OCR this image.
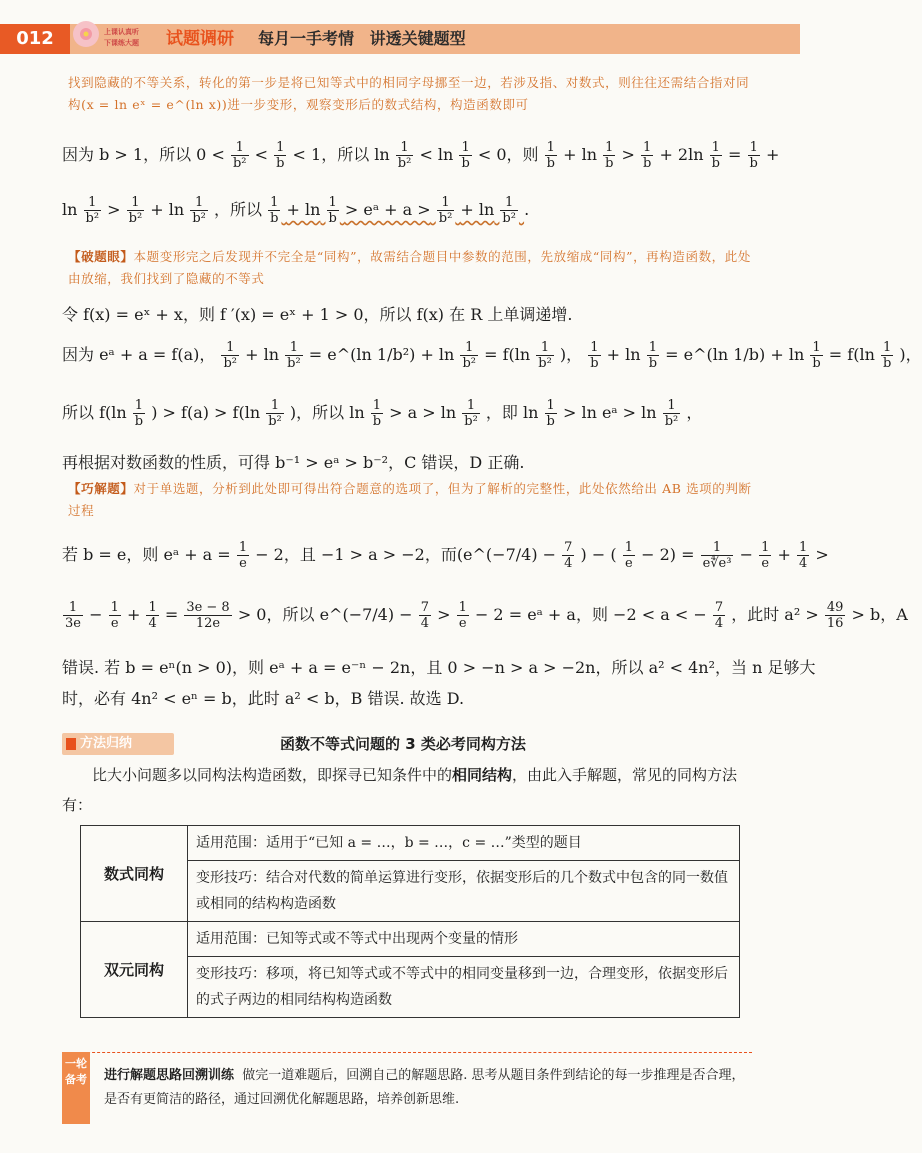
012	上课认真听
下课练大题	试题调研 每月一手考情 讲透关键题型
找到隐藏的不等关系，转化的第一步是将已知等式中的相同字母挪至一边，若涉及指、对数式，则往往还需结合指对同构(x = ln eˣ = e^(ln x))进一步变形，观察变形后的数式结构，构造函数即可
因为 b > 1，所以 $0 < \frac{1}{\text{b²}} < \frac{1}{b} < 1$，所以 $\ln \frac{1}{\text{b²}} < \ln \frac{1}{b} < 0$，则 $\frac{1}{b} + \ln \frac{1}{b} > \frac{1}{b} + 2\ln \frac{1}{b} = \frac{1}{b}$ +
$\ln \frac{1}{\text{b²}} > \frac{1}{\text{b²}} + \ln \frac{1}{\text{b²}}$ ，所以 $\frac{1}{b} + \ln \frac{1}{b}$ > eᵃ + $a > \frac{1}{\text{b²}} + \ln \frac{1}{\text{b²}}$ .
【破题眼】本题变形完之后发现并不完全是“同构”，故需结合题目中参数的范围，先放缩成“同构”，再构造函数，此处由放缩，我们找到了隐藏的不等式
令 f(x) = eˣ + x，则 f ′(x) = eˣ + 1 > 0，所以 f(x) 在 R 上单调递增.
因为 eᵃ + a = f(a)， $\frac{1}{\text{b²}} + \ln \frac{1}{\text{b²}}$ = e^(ln $1/b^2) + \ln \frac{1}{\text{b²}} = f(\ln \frac{1}{\text{b²}}$ )， $\frac{1}{b} + \ln \frac{1}{b}$ = e^(ln $1/b) + \ln \frac{1}{b} = f(\ln \frac{1}{b}$ )，
所以 $f(\ln \frac{1}{b}$ ) > $f(a) > f(\ln \frac{1}{\text{b²}}$ )，所以 $\ln \frac{1}{b} > a > \ln \frac{1}{\text{b²}}$ ，即 $\ln \frac{1}{b} > \ln$ eᵃ > $\ln \frac{1}{\text{b²}}$ ，
再根据对数函数的性质，可得 b⁻¹ > eᵃ > b⁻²，C 错误，D 正确.
【巧解题】对于单选题，分析到此处即可得出符合题意的选项了，但为了解析的完整性，此处依然给出 AB 选项的判断过程
若 b = e，则 eᵃ + $a = \frac{1}{e} - 2$，且 −1 > a > −2，而(e^(−7/4) − $\frac{7}{4}$ ) − ( $\frac{1}{e} - 2) = \frac{1}{\text{e∜e³}} - \frac{1}{e} + \frac{1}{4}$ >
$\frac{1}{3e} - \frac{1}{e} + \frac{1}{4} = \frac{3e - 8}{12e} > 0$，所以 e^(−7/4) − $\frac{7}{4} > \frac{1}{e} - 2$ = eᵃ + a，则 −2 < a < − $\frac{7}{4}$ ，此时 $a^2 > \frac{49}{16} > b$，A
错误. 若 b = eⁿ(n > 0)，则 eᵃ + a = e⁻ⁿ − 2n，且 0 > −n > a > −2n，所以 a² < 4n²，当 n 足够大
时，必有 4n² < eⁿ = b，此时 a² < b，B 错误. 故选 D.
方法归纳	函数不等式问题的 3 类必考同构方法
比大小问题多以同构法构造函数，即探寻已知条件中的相同结构，由此入手解题，常见的同构方法有：
数式同构	适用范围：适用于“已知 a = …，b = …，c = …”类型的题目
	变形技巧：结合对代数的简单运算进行变形，依据变形后的几个数式中包含的同一数值或相同的结构构造函数
双元同构	适用范围：已知等式或不等式中出现两个变量的情形
	变形技巧：移项，将已知等式或不等式中的相同变量移到一边，合理变形，依据变形后的式子两边的相同结构构造函数
一轮备考 进行解题思路回溯训练 做完一道难题后，回溯自己的解题思路. 思考从题目条件到结论的每一步推理是否合理，是否有更简洁的路径，通过回溯优化解题思路，培养创新思维.
